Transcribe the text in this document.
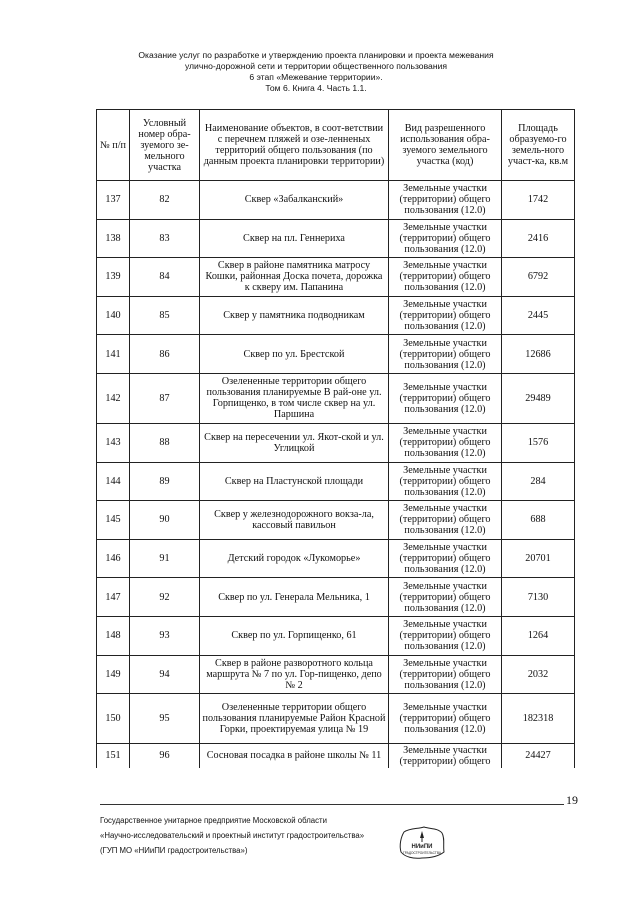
Оказание услуг по разработке и утверждению проекта планировки и проекта межевания
улично-дорожной сети и территории общественного пользования
6 этап «Межевание территории».
Том 6. Книга 4. Часть 1.1.
№ п/п	Условный номер обра-зуемого зе-мельного участка	Наименование объектов, в соот-ветствии с перечнем пляжей и озе-ленненых территорий общего пользования (по данным проекта планировки территории)	Вид разрешенного использования обра-зуемого земельного участка (код)	Площадь образуемо-го земель-ного участ-ка, кв.м
137	82	Сквер «Забалканский»	Земельные участки (территории) общего пользования (12.0)	1742
138	83	Сквер на пл. Геннериха	Земельные участки (территории) общего пользования (12.0)	2416
139	84	Сквер в районе памятника матросу Кошки, районная Доска почета, дорожка к скверу им. Папанина	Земельные участки (территории) общего пользования (12.0)	6792
140	85	Сквер у памятника подводникам	Земельные участки (территории) общего пользования (12.0)	2445
141	86	Сквер по ул. Брестской	Земельные участки (территории) общего пользования (12.0)	12686
142	87	Озелененные территории общего пользования планируемые В рай-оне ул. Горпищенко, в том числе сквер на ул. Паршина	Земельные участки (территории) общего пользования (12.0)	29489
143	88	Сквер на пересечении ул. Якот-ской и ул. Углицкой	Земельные участки (территории) общего пользования (12.0)	1576
144	89	Сквер на Пластунской площади	Земельные участки (территории) общего пользования (12.0)	284
145	90	Сквер у железнодорожного вокза-ла, кассовый павильон	Земельные участки (территории) общего пользования (12.0)	688
146	91	Детский городок «Лукоморье»	Земельные участки (территории) общего пользования (12.0)	20701
147	92	Сквер по ул. Генерала Мельника, 1	Земельные участки (территории) общего пользования (12.0)	7130
148	93	Сквер по ул. Горпищенко, 61	Земельные участки (территории) общего пользования (12.0)	1264
149	94	Сквер в районе разворотного кольца маршрута № 7 по ул. Гор-пищенко, депо № 2	Земельные участки (территории) общего пользования (12.0)	2032
150	95	Озелененные территории общего пользования планируемые Район Красной Горки, проектируемая улица № 19	Земельные участки (территории) общего пользования (12.0)	182318
151	96	Сосновая посадка в районе школы № 11	Земельные участки (территории) общего	24427
19
Государственное унитарное предприятие Московской области
«Научно-исследовательский и проектный институт градостроительства»
(ГУП МО «НИиПИ градостроительства»)	НИиПИ
ГРАДОСТРОИТЕЛЬСТВА
